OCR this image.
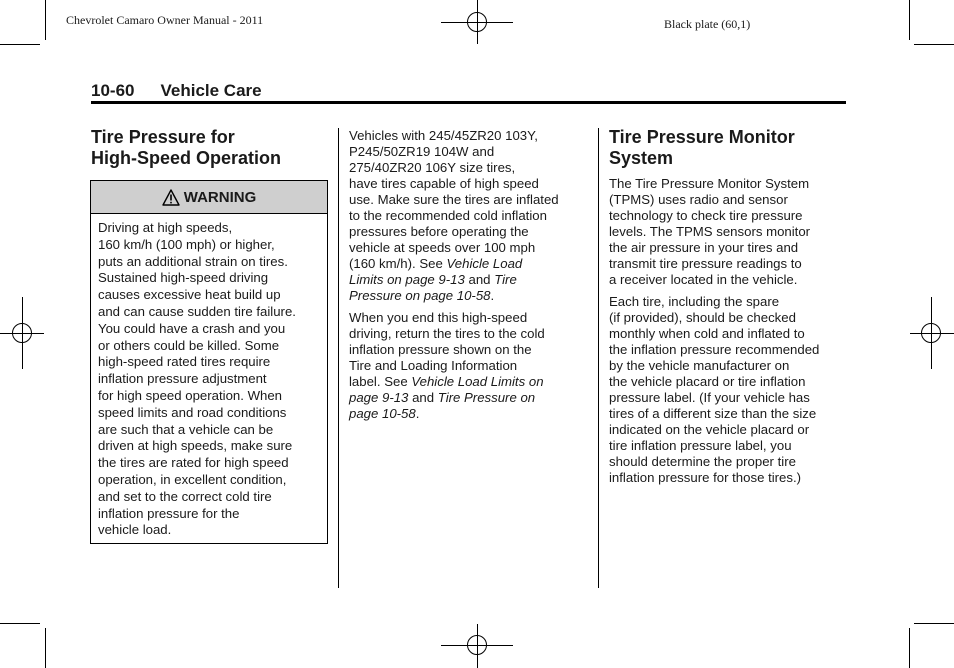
Chevrolet Camaro Owner Manual - 2011	Black plate (60,1)
10-60 Vehicle Care
Tire Pressure for
High-Speed Operation
WARNING
Driving at high speeds,
160 km/h (100 mph) or higher,
puts an additional strain on tires.
Sustained high-speed driving
causes excessive heat build up
and can cause sudden tire failure.
You could have a crash and you
or others could be killed. Some
high-speed rated tires require
inflation pressure adjustment
for high speed operation. When
speed limits and road conditions
are such that a vehicle can be
driven at high speeds, make sure
the tires are rated for high speed
operation, in excellent condition,
and set to the correct cold tire
inflation pressure for the
vehicle load.

Vehicles with 245/45ZR20 103Y,
P245/50ZR19 104W and
275/40ZR20 106Y size tires,
have tires capable of high speed
use. Make sure the tires are inflated
to the recommended cold inflation
pressures before operating the
vehicle at speeds over 100 mph
(160 km/h). See Vehicle Load
Limits on page 9-13 and Tire
Pressure on page 10-58.

When you end this high-speed
driving, return the tires to the cold
inflation pressure shown on the
Tire and Loading Information
label. See Vehicle Load Limits on
page 9-13 and Tire Pressure on
page 10-58.

Tire Pressure Monitor
System

The Tire Pressure Monitor System
(TPMS) uses radio and sensor
technology to check tire pressure
levels. The TPMS sensors monitor
the air pressure in your tires and
transmit tire pressure readings to
a receiver located in the vehicle.

Each tire, including the spare
(if provided), should be checked
monthly when cold and inflated to
the inflation pressure recommended
by the vehicle manufacturer on
the vehicle placard or tire inflation
pressure label. (If your vehicle has
tires of a different size than the size
indicated on the vehicle placard or
tire inflation pressure label, you
should determine the proper tire
inflation pressure for those tires.)
